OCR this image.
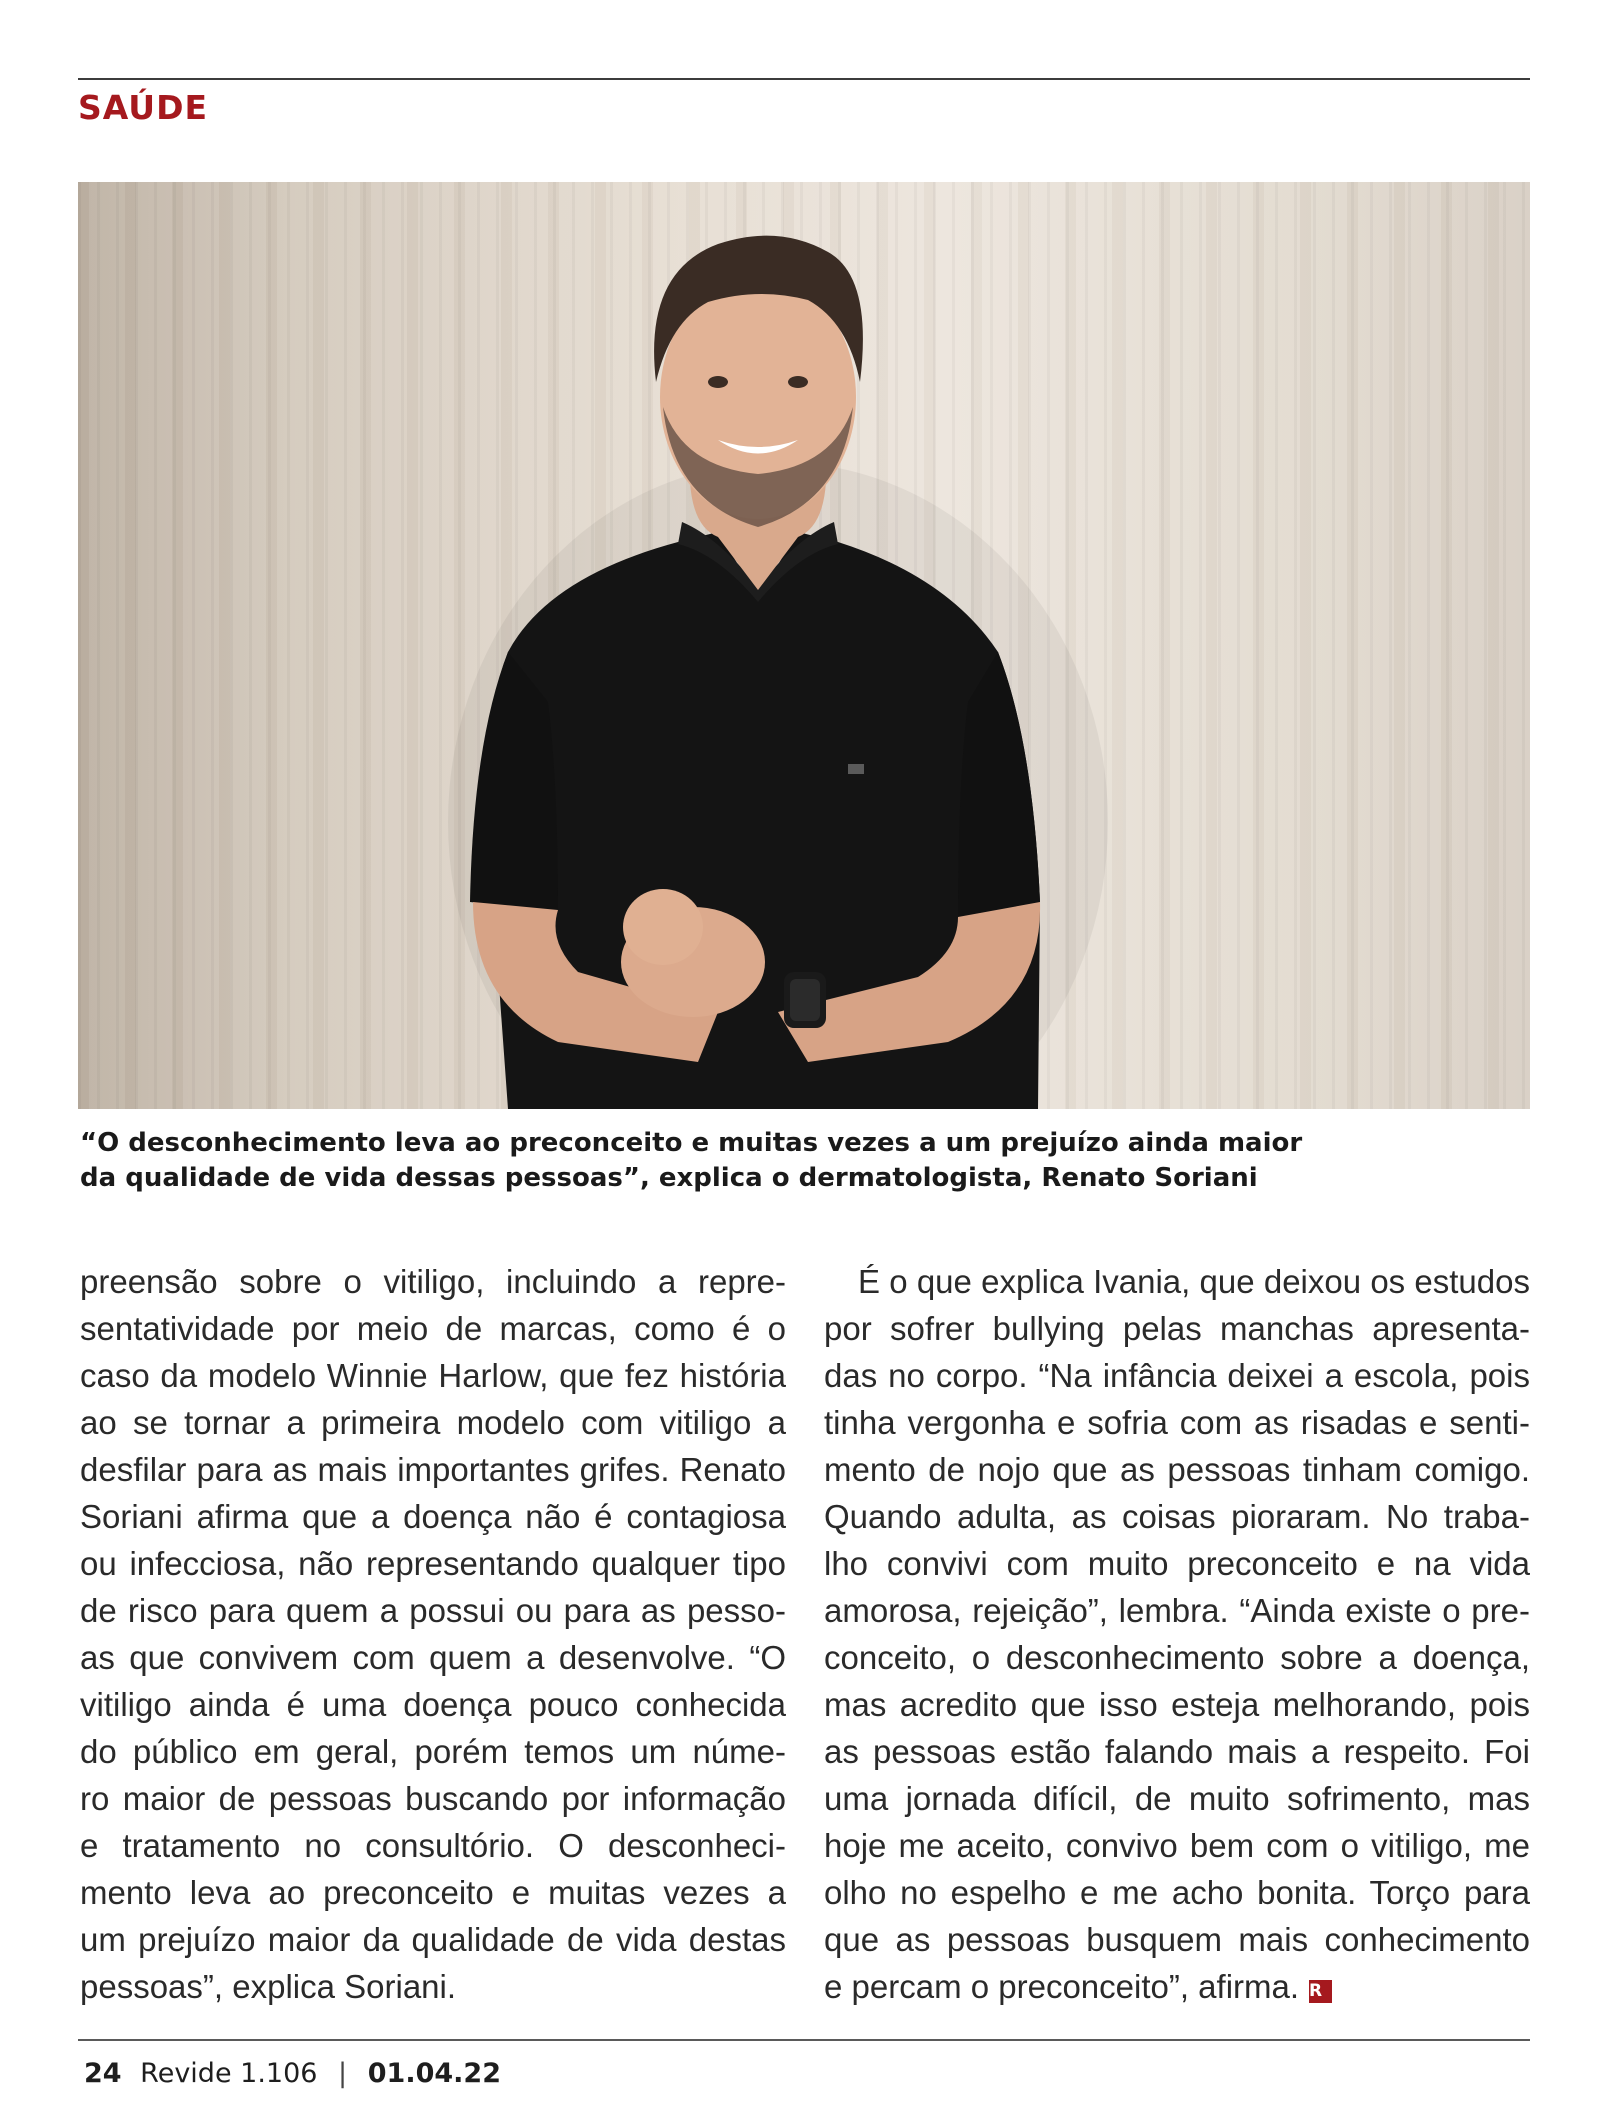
SAÚDE

“O desconhecimento leva ao preconceito e muitas vezes a um prejuízo ainda maior

da qualidade de vida dessas pessoas”, explica o dermatologista, Renato Soriani

preensão sobre o vitiligo, incluindo a repre-
sentatividade por meio de marcas, como é o
caso da modelo Winnie Harlow, que fez história
ao se tornar a primeira modelo com vitiligo a
desfilar para as mais importantes grifes. Renato
Soriani afirma que a doença não é contagiosa
ou infecciosa, não representando qualquer tipo
de risco para quem a possui ou para as pesso-
as que convivem com quem a desenvolve. “O
vitiligo ainda é uma doença pouco conhecida
do público em geral, porém temos um núme-
ro maior de pessoas buscando por informação
e tratamento no consultório. O desconheci-
mento leva ao preconceito e muitas vezes a
um prejuízo maior da qualidade de vida destas
pessoas”, explica Soriani.
É o que explica Ivania, que deixou os estudos
por sofrer bullying pelas manchas apresenta-
das no corpo. “Na infância deixei a escola, pois
tinha vergonha e sofria com as risadas e senti-
mento de nojo que as pessoas tinham comigo.
Quando adulta, as coisas pioraram. No traba-
lho convivi com muito preconceito e na vida
amorosa, rejeição”, lembra. “Ainda existe o pre-
conceito, o desconhecimento sobre a doença,
mas acredito que isso esteja melhorando, pois
as pessoas estão falando mais a respeito. Foi
uma jornada difícil, de muito sofrimento, mas
hoje me aceito, convivo bem com o vitiligo, me
olho no espelho e me acho bonita. Torço para
que as pessoas busquem mais conhecimento
e percam o preconceito”, afirma. R
24 Revide 1.106 | 01.04.22
